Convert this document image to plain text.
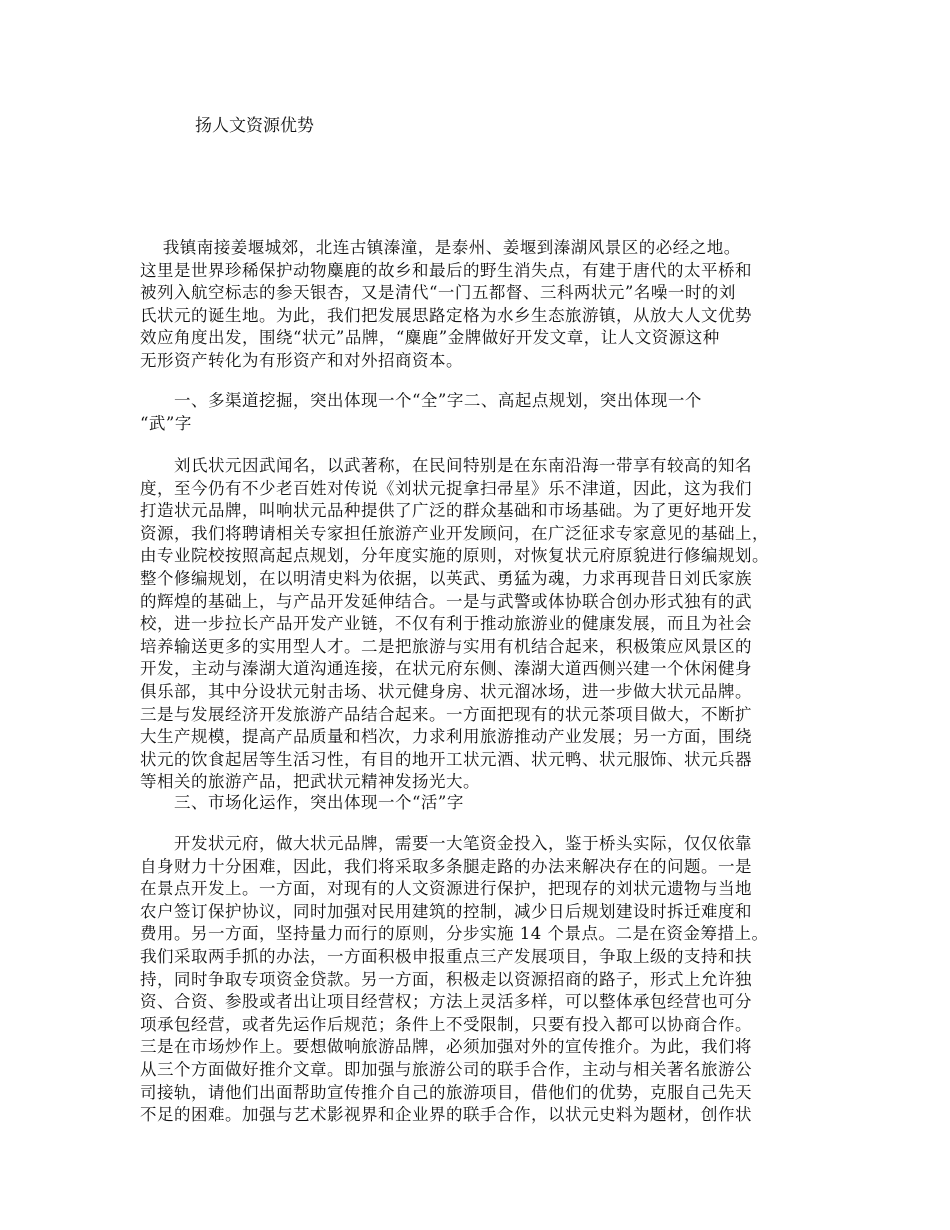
扬人文资源优势
　 我镇南接姜堰城郊，北连古镇溱潼，是泰州、姜堰到溱湖风景区的必经之地。
这里是世界珍稀保护动物麋鹿的故乡和最后的野生消失点，有建于唐代的太平桥和
被列入航空标志的参天银杏，又是清代“一门五都督、三科两状元”名噪一时的刘
氏状元的诞生地。为此，我们把发展思路定格为水乡生态旅游镇，从放大人文优势
效应角度出发，围绕“状元”品牌，“麋鹿”金牌做好开发文章，让人文资源这种
无形资产转化为有形资产和对外招商资本。
　　一、多渠道挖掘，突出体现一个“全”字二、高起点规划，突出体现一个
“武”字
　　刘氏状元因武闻名，以武著称，在民间特别是在东南沿海一带享有较高的知名
度，至今仍有不少老百姓对传说《刘状元捉拿扫帚星》乐不津道，因此，这为我们
打造状元品牌，叫响状元品种提供了广泛的群众基础和市场基础。为了更好地开发
资源，我们将聘请相关专家担任旅游产业开发顾问，在广泛征求专家意见的基础上，
由专业院校按照高起点规划，分年度实施的原则，对恢复状元府原貌进行修编规划。
整个修编规划，在以明清史料为依据，以英武、勇猛为魂，力求再现昔日刘氏家族
的辉煌的基础上，与产品开发延伸结合。一是与武警或体协联合创办形式独有的武
校，进一步拉长产品开发产业链，不仅有利于推动旅游业的健康发展，而且为社会
培养输送更多的实用型人才。二是把旅游与实用有机结合起来，积极策应风景区的
开发，主动与溱湖大道沟通连接，在状元府东侧、溱湖大道西侧兴建一个休闲健身
俱乐部，其中分设状元射击场、状元健身房、状元溜冰场，进一步做大状元品牌。
三是与发展经济开发旅游产品结合起来。一方面把现有的状元茶项目做大，不断扩
大生产规模，提高产品质量和档次，力求利用旅游推动产业发展；另一方面，围绕
状元的饮食起居等生活习性，有目的地开工状元酒、状元鸭、状元服饰、状元兵器
等相关的旅游产品，把武状元精神发扬光大。
　　三、市场化运作，突出体现一个“活”字
　　开发状元府，做大状元品牌，需要一大笔资金投入，鉴于桥头实际，仅仅依靠
自身财力十分困难，因此，我们将采取多条腿走路的办法来解决存在的问题。一是
在景点开发上。一方面，对现有的人文资源进行保护，把现存的刘状元遗物与当地
农户签订保护协议，同时加强对民用建筑的控制，减少日后规划建设时拆迁难度和
费用。另一方面，坚持量力而行的原则，分步实施 14 个景点。二是在资金筹措上。
我们采取两手抓的办法，一方面积极申报重点三产发展项目，争取上级的支持和扶
持，同时争取专项资金贷款。另一方面，积极走以资源招商的路子，形式上允许独
资、合资、参股或者出让项目经营权；方法上灵活多样，可以整体承包经营也可分
项承包经营，或者先运作后规范；条件上不受限制，只要有投入都可以协商合作。
三是在市场炒作上。要想做响旅游品牌，必须加强对外的宣传推介。为此，我们将
从三个方面做好推介文章。即加强与旅游公司的联手合作，主动与相关著名旅游公
司接轨，请他们出面帮助宣传推介自己的旅游项目，借他们的优势，克服自己先天
不足的困难。加强与艺术影视界和企业界的联手合作，以状元史料为题材，创作状
